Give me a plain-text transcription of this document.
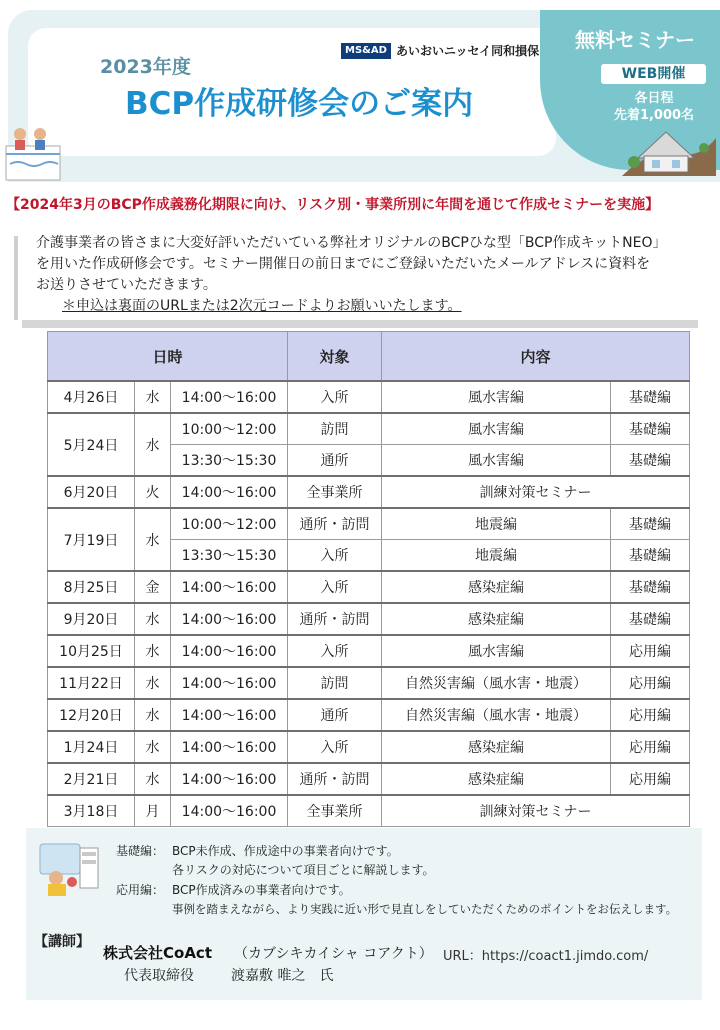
2023年度
BCP作成研修会のご案内
MS&AD あいおいニッセイ同和損保 無料セミナー
WEB開催
各日程
先着1,000名
【2024年3月のBCP作成義務化期限に向け、リスク別・事業所別に年間を通じて作成セミナーを実施】
介護事業者の皆さまに大変好評いただいている弊社オリジナルのBCPひな型「BCP作成キットNEO」
を用いた作成研修会です。セミナー開催日の前日までにご登録いただいたメールアドレスに資料を
お送りさせていただきます。
＊申込は裏面のURLまたは2次元コードよりお願いいたします。
日時			対象	内容	
4月26日	水	14:00～16:00	入所	風水害編	基礎編
5月24日	水	10:00～12:00	訪問	風水害編	基礎編
		13:30～15:30	通所	風水害編	基礎編
6月20日	火	14:00～16:00	全事業所	訓練対策セミナー	
7月19日	水	10:00～12:00	通所・訪問	地震編	基礎編
		13:30～15:30	入所	地震編	基礎編
8月25日	金	14:00～16:00	入所	感染症編	基礎編
9月20日	水	14:00～16:00	通所・訪問	感染症編	基礎編
10月25日	水	14:00～16:00	入所	風水害編	応用編
11月22日	水	14:00～16:00	訪問	自然災害編（風水害・地震）	応用編
12月20日	水	14:00～16:00	通所	自然災害編（風水害・地震）	応用編
1月24日	水	14:00～16:00	入所	感染症編	応用編
2月21日	水	14:00～16:00	通所・訪問	感染症編	応用編
3月18日	月	14:00～16:00	全事業所	訓練対策セミナー	
基礎編： BCP未作成、作成途中の事業者向けです。
各リスクの対応について項目ごとに解説します。
応用編： BCP作成済みの事業者向けです。
事例を踏まえながら、より実践に近い形で見直しをしていただくためのポイントをお伝えします。
【講師】
株式会社CoAct （カブシキカイシャ コアクト） URL：https://coact1.jimdo.com/
代表取締役	渡嘉敷 唯之　氏
